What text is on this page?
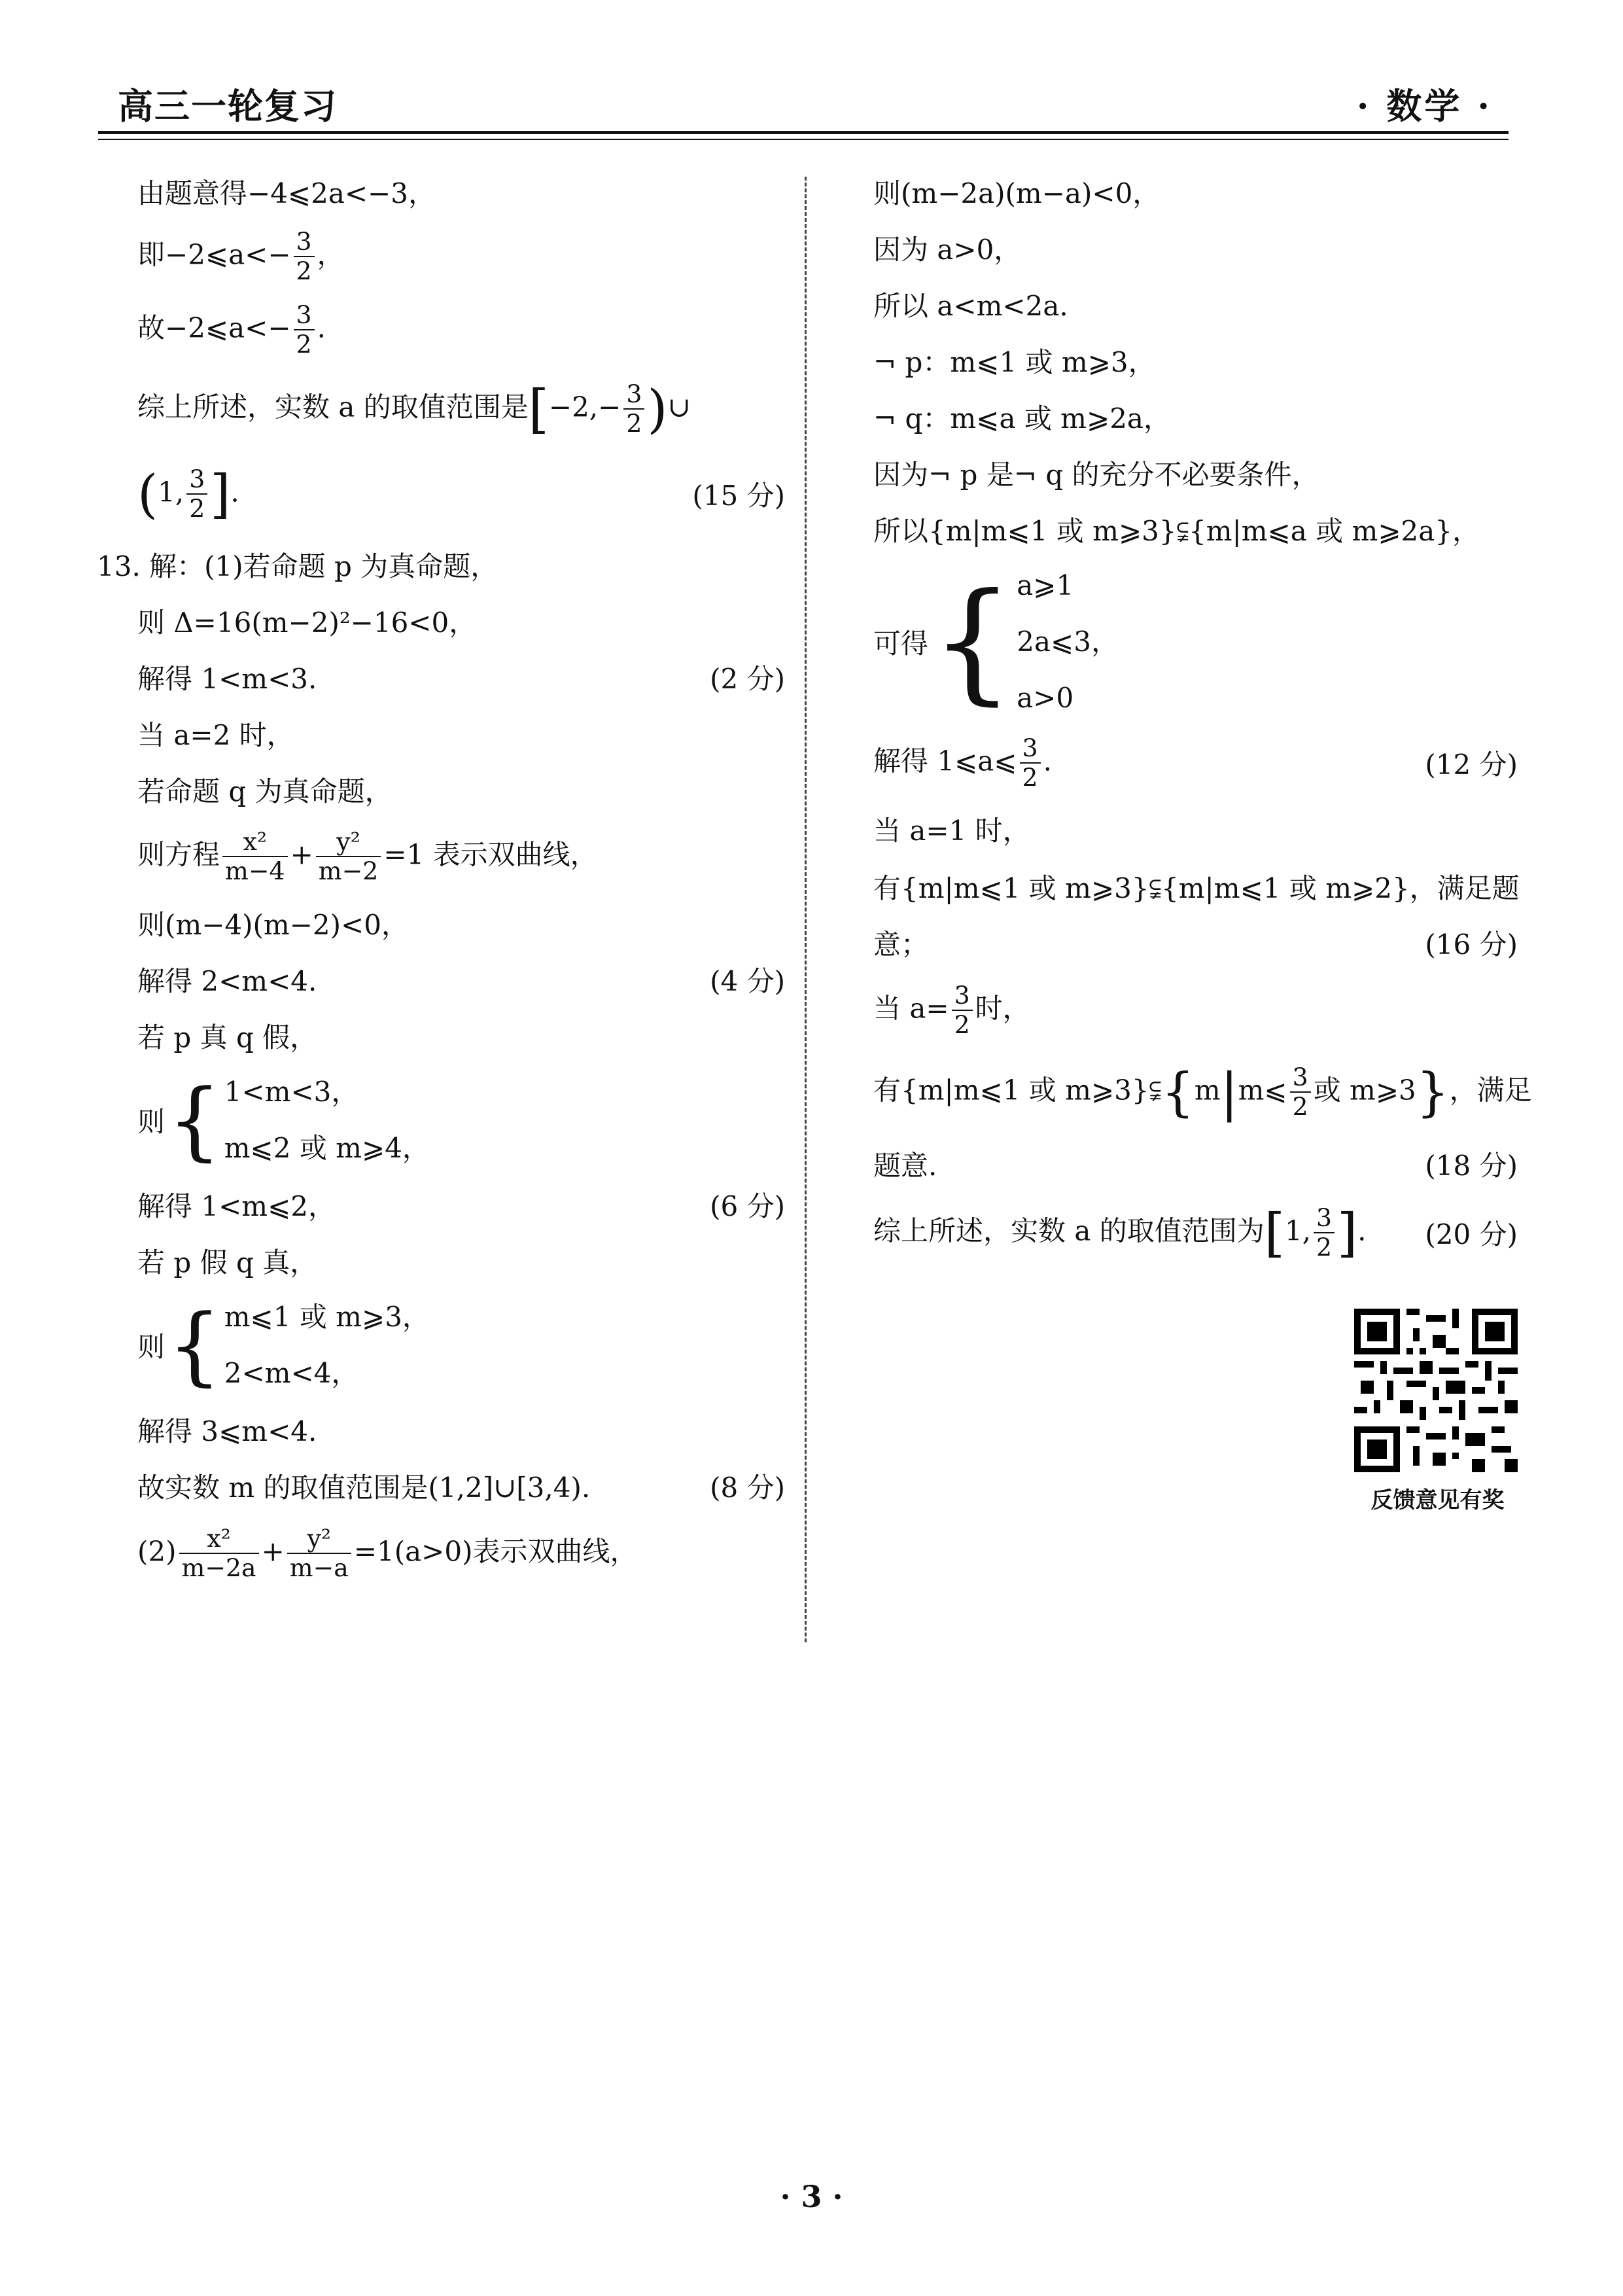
高三一轮复习	· 数学 ·
由题意得−4⩽2a<−3，
即−2⩽a<− $\frac{3}{2}$ ，
故−2⩽a<− $\frac{3}{2}$ .
综上所述，实数 a 的取值范围是[$-2,- \frac{3}{2}$ )∪
(1, $\frac{3}{2}$ ].	(15 分)
13. 解：(1)若命题 p 为真命题，
则 Δ=16(m−2)²−16<0，
解得 1<m<3.	(2 分)
当 a=2 时，
若命题 q 为真命题，
则方程 $\frac{\text{x²}}{m-4} + \frac{\text{y²}}{m-2} =1$ 表示双曲线，
则(m−4)(m−2)<0，
解得 2<m<4.	(4 分)
若 p 真 q 假，
则 { 1<m<3，
m⩽2 或 m⩾4，
解得 1<m⩽2，	(6 分)
若 p 假 q 真，
则 { m⩽1 或 m⩾3，
2<m<4，
解得 3⩽m<4.
故实数 m 的取值范围是(1,2]∪[3,4).	(8 分)
$(2) \frac{\text{x²}}{m-2a} + \frac{\text{y²}}{m-a} =1(a>0)$表示双曲线，
则(m−2a)(m−a)<0，
因为 a>0，
所以 a<m<2a.
¬ p：m⩽1 或 m⩾3，
¬ q：m⩽a 或 m⩾2a，
因为¬ p 是¬ q 的充分不必要条件，
所以{m|m⩽1 或 m⩾3}⫋{m|m⩽a 或 m⩾2a}，
可得 { a⩾1
2a⩽3，
a>0
解得 1⩽a⩽ $\frac{3}{2}$ .	(12 分)
当 a=1 时，
有{m|m⩽1 或 m⩾3}⫋{m|m⩽1 或 m⩾2}，满足题
意；	(16 分)
当 $a= \frac{3}{2}$ 时，
有{m|m⩽1 或 m⩾3}⫋{m|m⩽ $\frac{3}{2}$ 或 m⩾3}，满足
题意.	(18 分)
综上所述，实数 a 的取值范围为[1, $\frac{3}{2}$ ].	(20 分)
反馈意见有奖
· 3 ·
